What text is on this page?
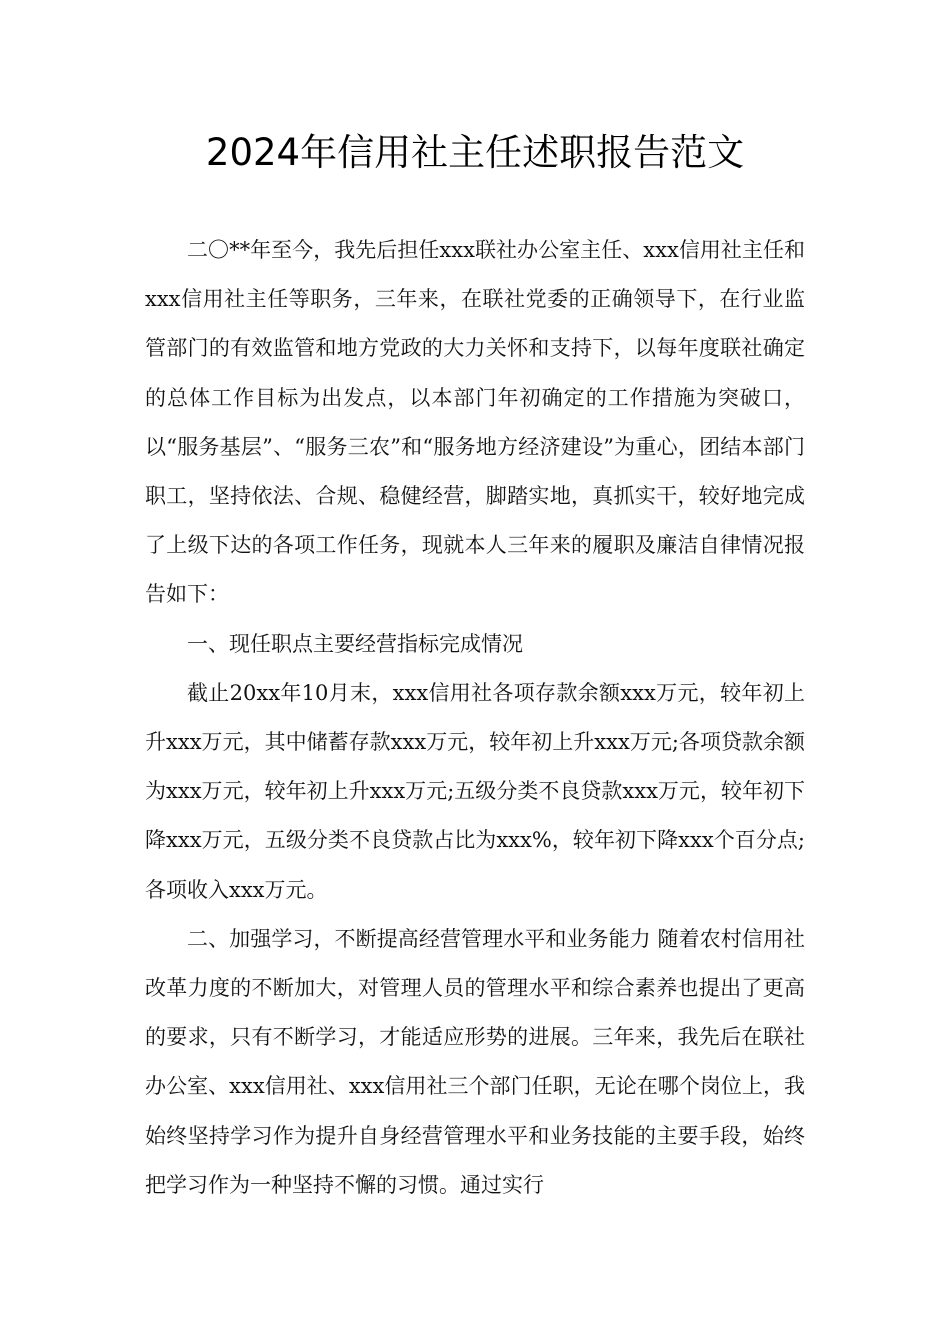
2024年信用社主任述职报告范文

二〇**年至今，我先后担任xxx联社办公室主任、xxx信用社主任和xxx信用社主任等职务，三年来，在联社党委的正确领导下，在行业监管部门的有效监管和地方党政的大力关怀和支持下，以每年度联社确定的总体工作目标为出发点，以本部门年初确定的工作措施为突破口，以“服务基层”、“服务三农”和“服务地方经济建设”为重心，团结本部门职工，坚持依法、合规、稳健经营，脚踏实地，真抓实干，较好地完成了上级下达的各项工作任务，现就本人三年来的履职及廉洁自律情况报告如下：

一、现任职点主要经营指标完成情况

截止20xx年10月末，xxx信用社各项存款余额xxx万元，较年初上升xxx万元，其中储蓄存款xxx万元，较年初上升xxx万元;各项贷款余额为xxx万元，较年初上升xxx万元;五级分类不良贷款xxx万元，较年初下降xxx万元，五级分类不良贷款占比为xxx%，较年初下降xxx个百分点;各项收入xxx万元。

二、加强学习，不断提高经营管理水平和业务能力 随着农村信用社改革力度的不断加大，对管理人员的管理水平和综合素养也提出了更高的要求，只有不断学习，才能适应形势的进展。三年来，我先后在联社办公室、xxx信用社、xxx信用社三个部门任职，无论在哪个岗位上，我始终坚持学习作为提升自身经营管理水平和业务技能的主要手段，始终把学习作为一种坚持不懈的习惯。通过实行
